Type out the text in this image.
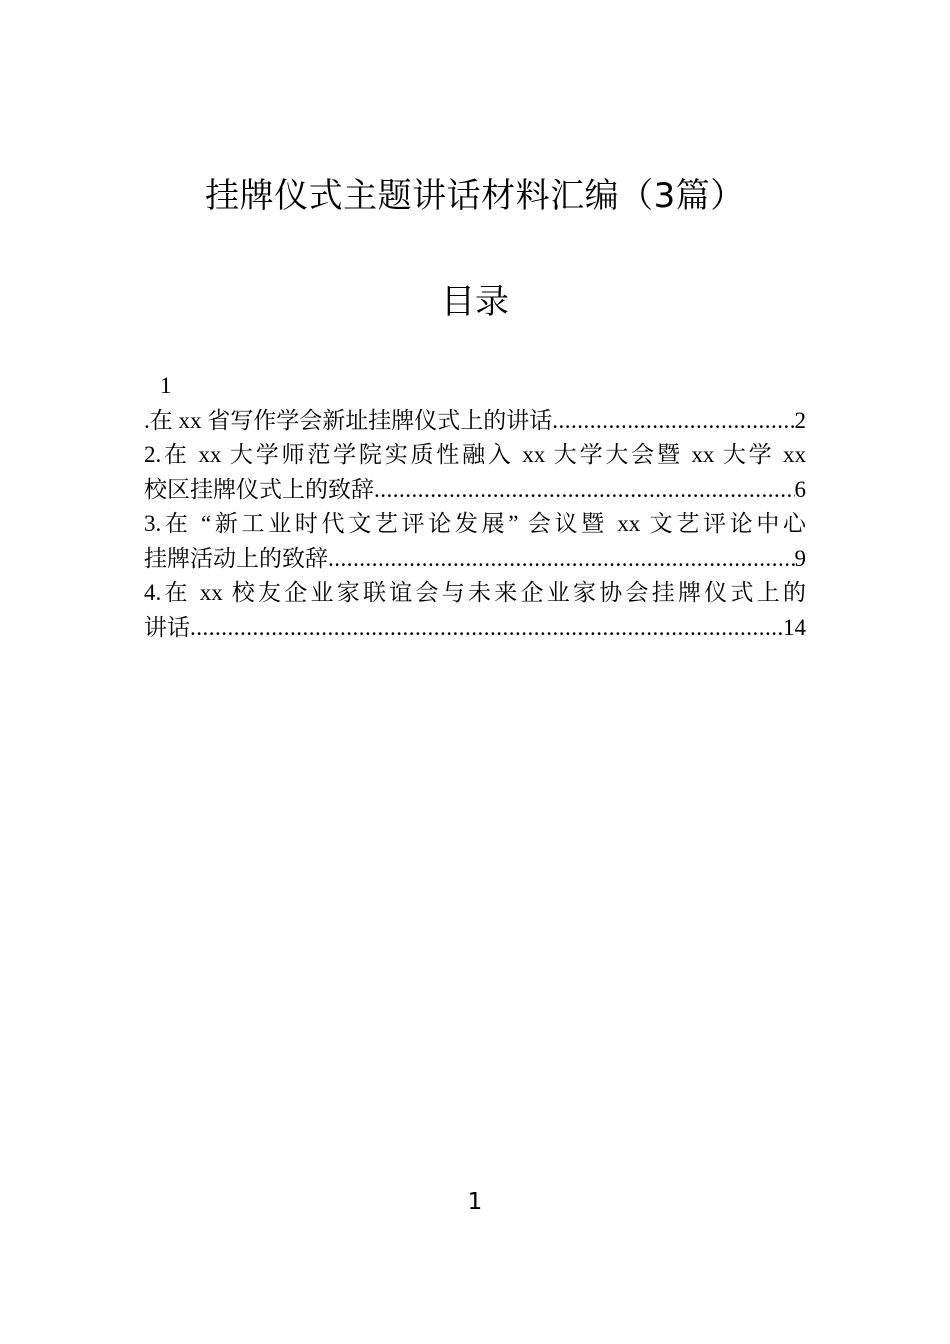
挂牌仪式主题讲话材料汇编（3篇）
目录
1
.在 xx 省写作学会新址挂牌仪式上的讲话 .....	2
2.在 xx 大学师范学院实质性融入 xx 大学大会暨 xx 大学 xx
校区挂牌仪式上的致辞 .....	6
3.在 “新工业时代文艺评论发展” 会议暨 xx 文艺评论中心
挂牌活动上的致辞 .....	9
4.在 xx 校友企业家联谊会与未来企业家协会挂牌仪式上的
讲话 .....	14
1
